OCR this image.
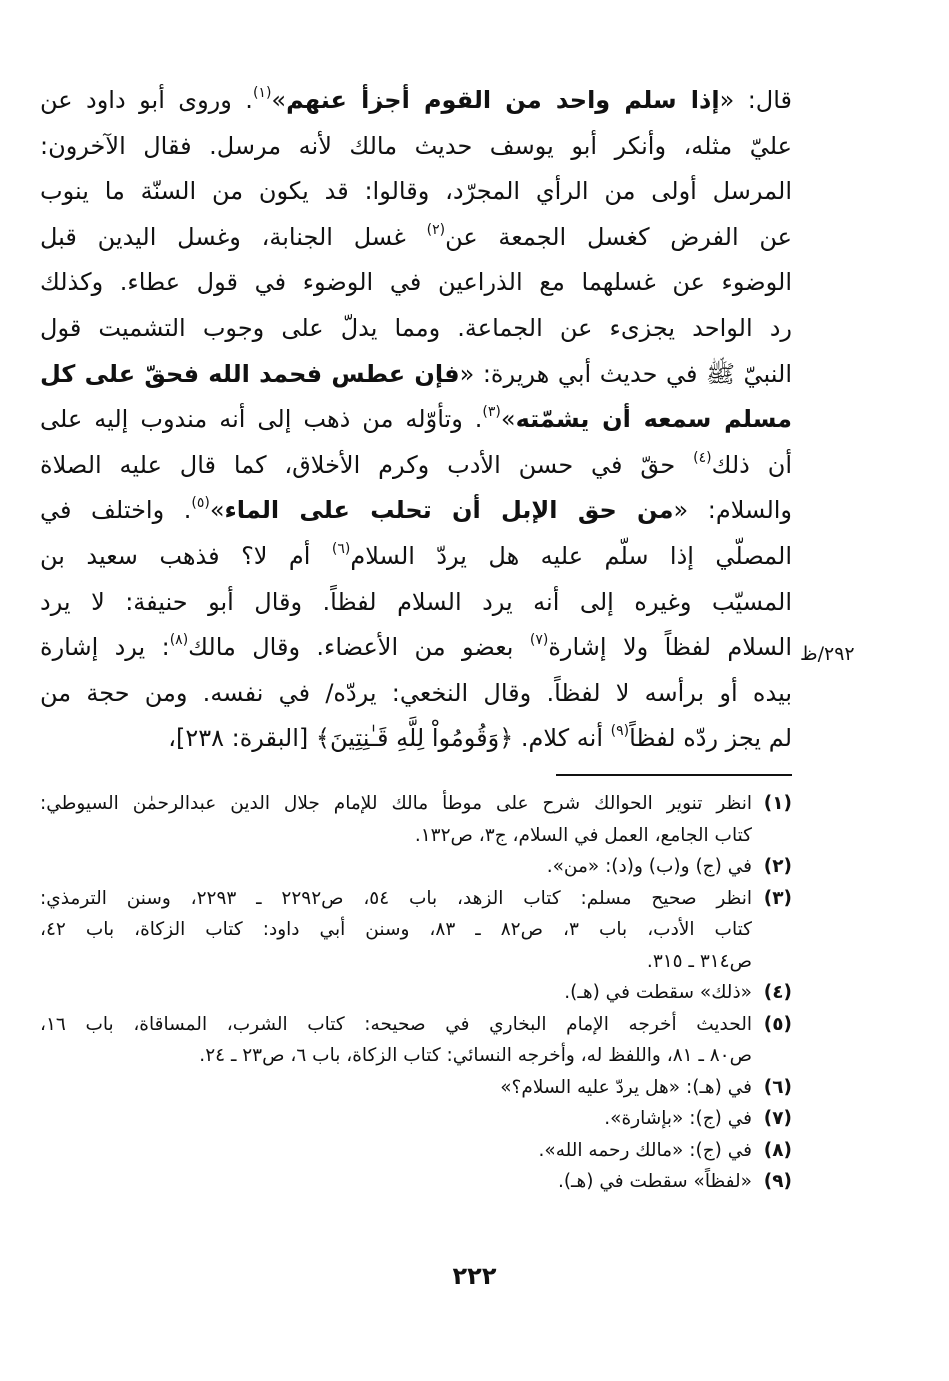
قال: «إذا سلم واحد من القوم أجزأ عنهم»$^{(١)}$. وروى أبو داود عن
عليّ مثله، وأنكر أبو يوسف حديث مالك لأنه مرسل. فقال الآخرون:
المرسل أولى من الرأي المجرّد، وقالوا: قد يكون من السنّة ما ينوب
عن الفرض كغسل الجمعة عن$^{(٢)}$ غسل الجنابة، وغسل اليدين قبل
الوضوء عن غسلهما مع الذراعين في الوضوء في قول عطاء. وكذلك
رد الواحد يجزىء عن الجماعة. ومما يدلّ على وجوب التشميت قول
النبيّ ﷺ في حديث أبي هريرة: «فإن عطس فحمد الله فحقّ على كل
مسلم سمعه أن يشمّته»$^{(٣)}$. وتأوّله من ذهب إلى أنه مندوب إليه على
أن ذلك$^{(٤)}$ حقّ في حسن الأدب وكرم الأخلاق، كما قال عليه الصلاة
والسلام: «من حق الإبل أن تحلب على الماء»$^{(٥)}$. واختلف في
المصلّي إذا سلّم عليه هل يردّ السلام$^{(٦)}$ أم لا؟ فذهب سعيد بن
المسيّب وغيره إلى أنه يرد السلام لفظاً. وقال أبو حنيفة: لا يرد
السلام لفظاً ولا إشارة$^{(٧)}$ بعضو من الأعضاء. وقال مالك$^{(٨)}$: يرد إشارة
بيده أو برأسه لا لفظاً. وقال النخعي: يردّه/ في نفسه. ومن حجة من
لم يجز ردّه لفظاً$^{(٩)}$ أنه كلام. ﴿وَقُومُواْ لِلَّهِ قَـٰنِتِينَ﴾ [البقرة: ٢٣٨]،
٢٩٢/ظ
(١)
انظر تنوير الحوالك شرح على موطأ مالك للإمام جلال الدين عبدالرحمٰن السيوطي:
كتاب الجامع، العمل في السلام، ج٣، ص١٣٢.
(٢)
في (ج) و(ب) و(د): «من».
(٣)
انظر صحيح مسلم: كتاب الزهد، باب ٥٤، ص٢٢٩٢ ـ ٢٢٩٣، وسنن الترمذي:
كتاب الأدب، باب ٣، ص٨٢ ـ ٨٣، وسنن أبي داود: كتاب الزكاة، باب ٤٢،
ص٣١٤ ـ ٣١٥.
(٤)
«ذلك» سقطت في (هـ).
(٥)
الحديث أخرجه الإمام البخاري في صحيحه: كتاب الشرب، المساقاة، باب ١٦،
ص٨٠ ـ ٨١، واللفظ له، وأخرجه النسائي: كتاب الزكاة، باب ٦، ص٢٣ ـ ٢٤.
(٦)
في (هـ): «هل يردّ عليه السلام؟»
(٧)
في (ج): «بإشارة».
(٨)
في (ج): «مالك رحمه الله».
(٩)
«لفظاً» سقطت في (هـ).
٢٢٢
